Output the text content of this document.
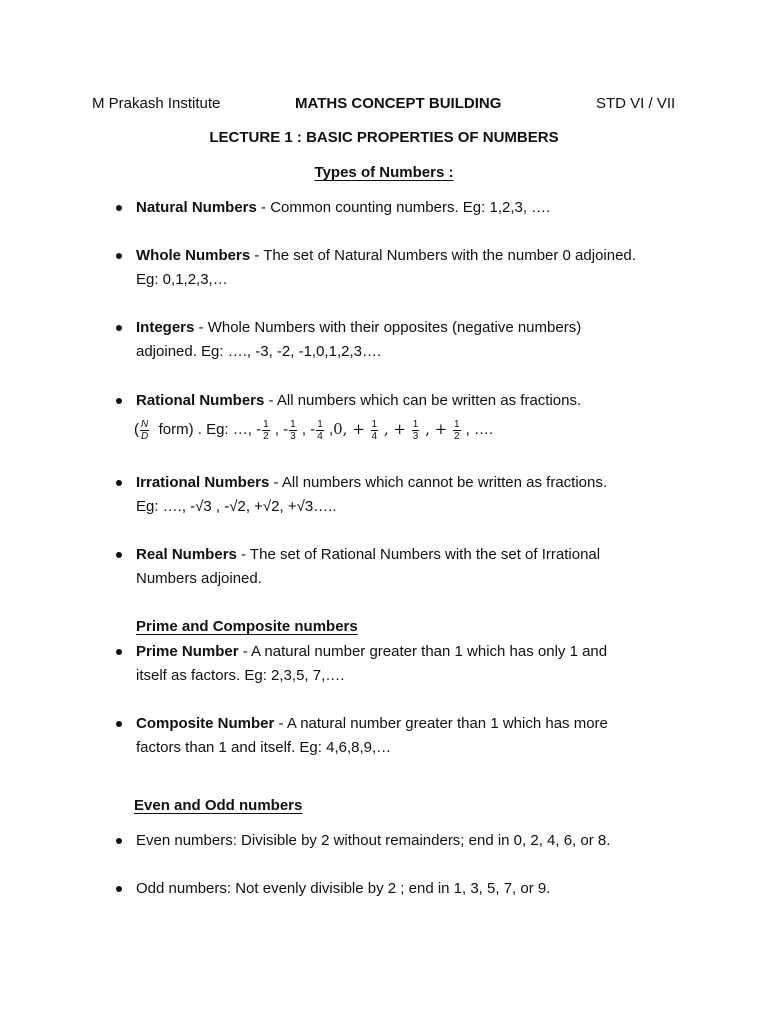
M Prakash Institute	MATHS CONCEPT BUILDING	STD VI / VII
LECTURE 1 : BASIC PROPERTIES OF NUMBERS
Types of Numbers :
Natural Numbers - Common counting numbers. Eg: 1,2,3, ….
Whole Numbers - The set of Natural Numbers with the number 0 adjoined.
Eg: 0,1,2,3,…
Integers - Whole Numbers with their opposites (negative numbers)
adjoined. Eg: …., -3, -2, -1,0,1,2,3….
Rational Numbers - All numbers which can be written as fractions.
( $\frac{N}{D}$ form) . Eg: …, - $\frac{1}{2}$ , - $\frac{1}{3}$ , - $\frac{1}{4} ,0$, + $\frac{1}{4}$ , + $\frac{1}{3}$ , + $\frac{1}{2}$ , ….
Irrational Numbers - All numbers which cannot be written as fractions.
Eg: …., -√3 , -√2, +√2, +√3…..
Real Numbers - The set of Rational Numbers with the set of Irrational
Numbers adjoined.
Prime and Composite numbers
Prime Number - A natural number greater than 1 which has only 1 and
itself as factors. Eg: 2,3,5, 7,….
Composite Number - A natural number greater than 1 which has more
factors than 1 and itself. Eg: 4,6,8,9,…
Even and Odd numbers
Even numbers: Divisible by 2 without remainders; end in 0, 2, 4, 6, or 8.
Odd numbers: Not evenly divisible by 2 ; end in 1, 3, 5, 7, or 9.
